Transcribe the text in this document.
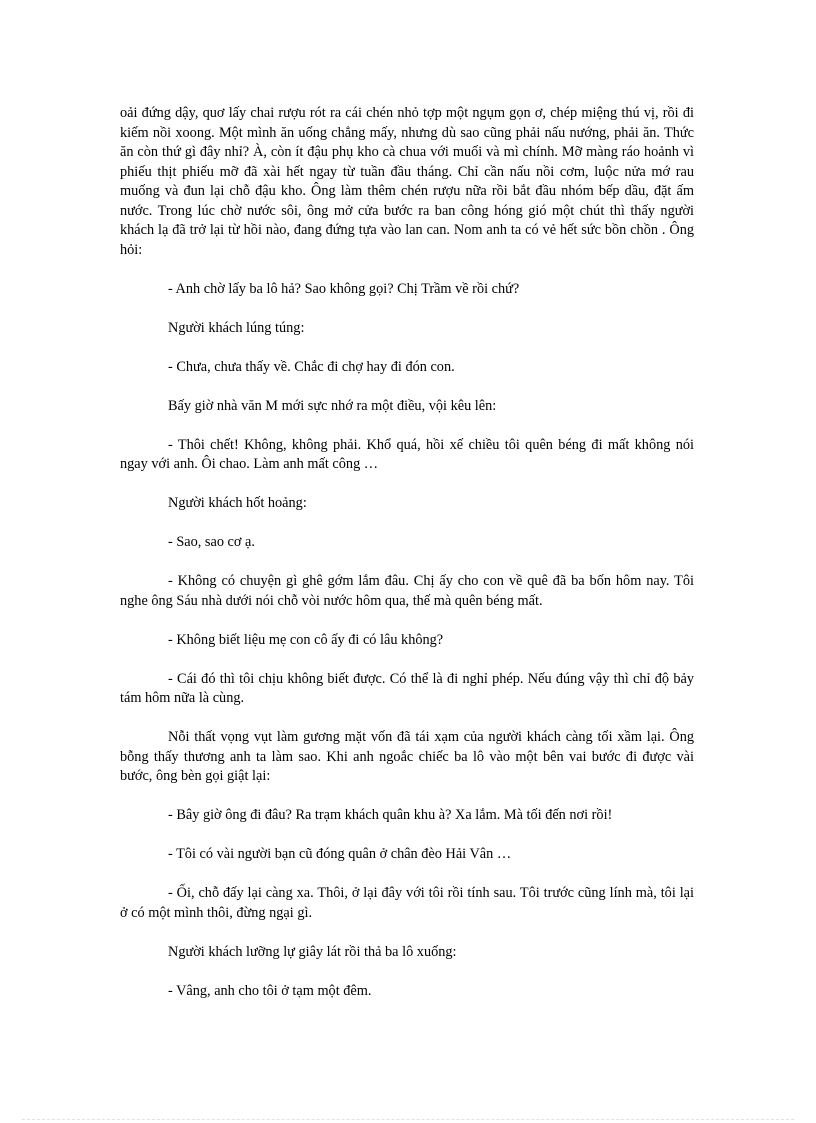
oải đứng dậy, quơ lấy chai rượu rót ra cái chén nhỏ tợp một ngụm gọn ơ, chép miệng thú vị, rồi đi kiếm nồi xoong. Một mình ăn uống chẳng mấy, nhưng dù sao cũng phải nấu nướng, phải ăn. Thức ăn còn thứ gì đây nhỉ? À, còn ít đậu phụ kho cà chua với muối và mì chính. Mỡ màng ráo hoảnh vì phiếu thịt phiếu mỡ đã xài hết ngay từ tuần đầu tháng. Chỉ cần nấu nồi cơm, luộc nửa mớ rau muống và đun lại chỗ đậu kho. Ông làm thêm chén rượu nữa rồi bắt đầu nhóm bếp dầu, đặt ấm nước. Trong lúc chờ nước sôi, ông mở cửa bước ra ban công hóng gió một chút thì thấy người khách lạ đã trở lại từ hồi nào, đang đứng tựa vào lan can. Nom anh ta có vẻ hết sức bồn chồn . Ông hỏi:

- Anh chờ lấy ba lô hả? Sao không gọi? Chị Trầm về rồi chứ?

Người khách lúng túng:

- Chưa, chưa thấy về. Chắc đi chợ hay đi đón con.

Bấy giờ nhà văn M mới sực nhớ ra một điều, vội kêu lên:

- Thôi chết! Không, không phải. Khổ quá, hồi xế chiều tôi quên béng đi mất không nói ngay với anh. Ôi chao. Làm anh mất công …

Người khách hốt hoảng:

- Sao, sao cơ ạ.

- Không có chuyện gì ghê gớm lắm đâu. Chị ấy cho con về quê đã ba bốn hôm nay. Tôi nghe ông Sáu nhà dưới nói chỗ vòi nước hôm qua, thế mà quên béng mất.

- Không biết liệu mẹ con cô ấy đi có lâu không?

- Cái đó thì tôi chịu không biết được. Có thể là đi nghỉ phép. Nếu đúng vậy thì chỉ độ bảy tám hôm nữa là cùng.

Nỗi thất vọng vụt làm gương mặt vốn đã tái xạm của người khách càng tối xầm lại. Ông bỗng thấy thương anh ta làm sao. Khi anh ngoắc chiếc ba lô vào một bên vai bước đi được vài bước, ông bèn gọi giật lại:

- Bây giờ ông đi đâu? Ra trạm khách quân khu à? Xa lắm. Mà tối đến nơi rồi!

- Tôi có vài người bạn cũ đóng quân ở chân đèo Hải Vân …

- Ối, chỗ đấy lại càng xa. Thôi, ở lại đây với tôi rồi tính sau. Tôi trước cũng lính mà, tôi lại ở có một mình thôi, đừng ngại gì.

Người khách lưỡng lự giây lát rồi thả ba lô xuống:

- Vâng, anh cho tôi ở tạm một đêm.
